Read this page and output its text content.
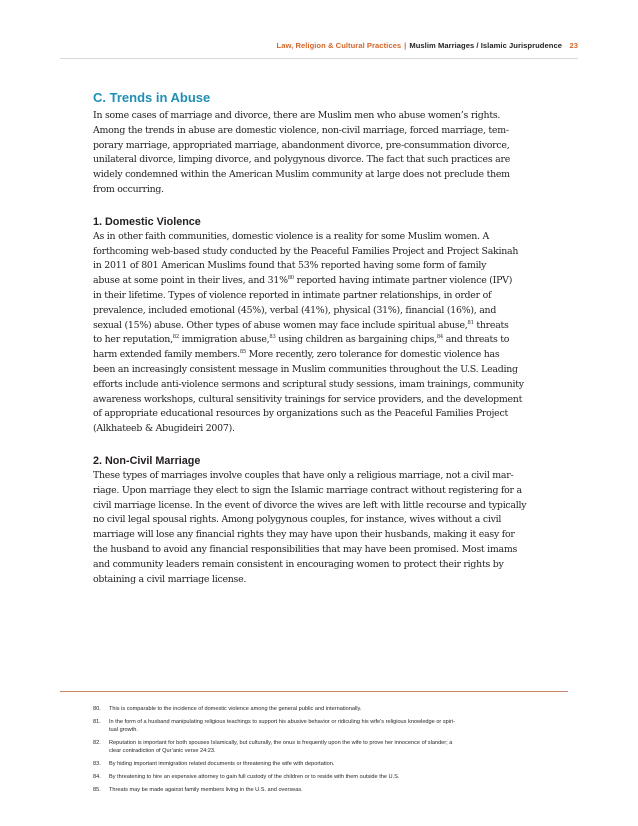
Law, Religion & Cultural Practices | Muslim Marriages / Islamic Jurisprudence 23
C. Trends in Abuse

In some cases of marriage and divorce, there are Muslim men who abuse women’s rights.
Among the trends in abuse are domestic violence, non-civil marriage, forced marriage, tem-
porary marriage, appropriated marriage, abandonment divorce, pre-consummation divorce,
unilateral divorce, limping divorce, and polygynous divorce. The fact that such practices are
widely condemned within the American Muslim community at large does not preclude them
from occurring.

1. Domestic Violence

As in other faith communities, domestic violence is a reality for some Muslim women. A
forthcoming web-based study conducted by the Peaceful Families Project and Project Sakinah
in 2011 of 801 American Muslims found that 53% reported having some form of family
abuse at some point in their lives, and 31%$^{80}$ reported having intimate partner violence (IPV)
in their lifetime. Types of violence reported in intimate partner relationships, in order of
prevalence, included emotional (45%), verbal (41%), physical (31%), financial (16%), and
sexual (15%) abuse. Other types of abuse women may face include spiritual abuse,$^{81}$ threats
to her reputation,$^{82}$ immigration abuse,$^{83}$ using children as bargaining chips,$^{84}$ and threats to
harm extended family members.$^{85}$ More recently, zero tolerance for domestic violence has
been an increasingly consistent message in Muslim communities throughout the U.S. Leading
efforts include anti-violence sermons and scriptural study sessions, imam trainings, community
awareness workshops, cultural sensitivity trainings for service providers, and the development
of appropriate educational resources by organizations such as the Peaceful Families Project
(Alkhateeb & Abugideiri 2007).

2. Non-Civil Marriage

These types of marriages involve couples that have only a religious marriage, not a civil mar-
riage. Upon marriage they elect to sign the Islamic marriage contract without registering for a
civil marriage license. In the event of divorce the wives are left with little recourse and typically
no civil legal spousal rights. Among polygynous couples, for instance, wives without a civil
marriage will lose any financial rights they may have upon their husbands, making it easy for
the husband to avoid any financial responsibilities that may have been promised. Most imams
and community leaders remain consistent in encouraging women to protect their rights by
obtaining a civil marriage license.

80. This is comparable to the incidence of domestic violence among the general public and internationally.
81. In the form of a husband manipulating religious teachings to support his abusive behavior or ridiculing his wife’s religious knowledge or spiri-
tual growth.
82. Reputation is important for both spouses Islamically, but culturally, the onus is frequently upon the wife to prove her innocence of slander; a
clear contradiction of Qur’anic verse 24:23.
83. By hiding important immigration related documents or threatening the wife with deportation.
84. By threatening to hire an expensive attorney to gain full custody of the children or to reside with them outside the U.S.
85. Threats may be made against family members living in the U.S. and overseas.
